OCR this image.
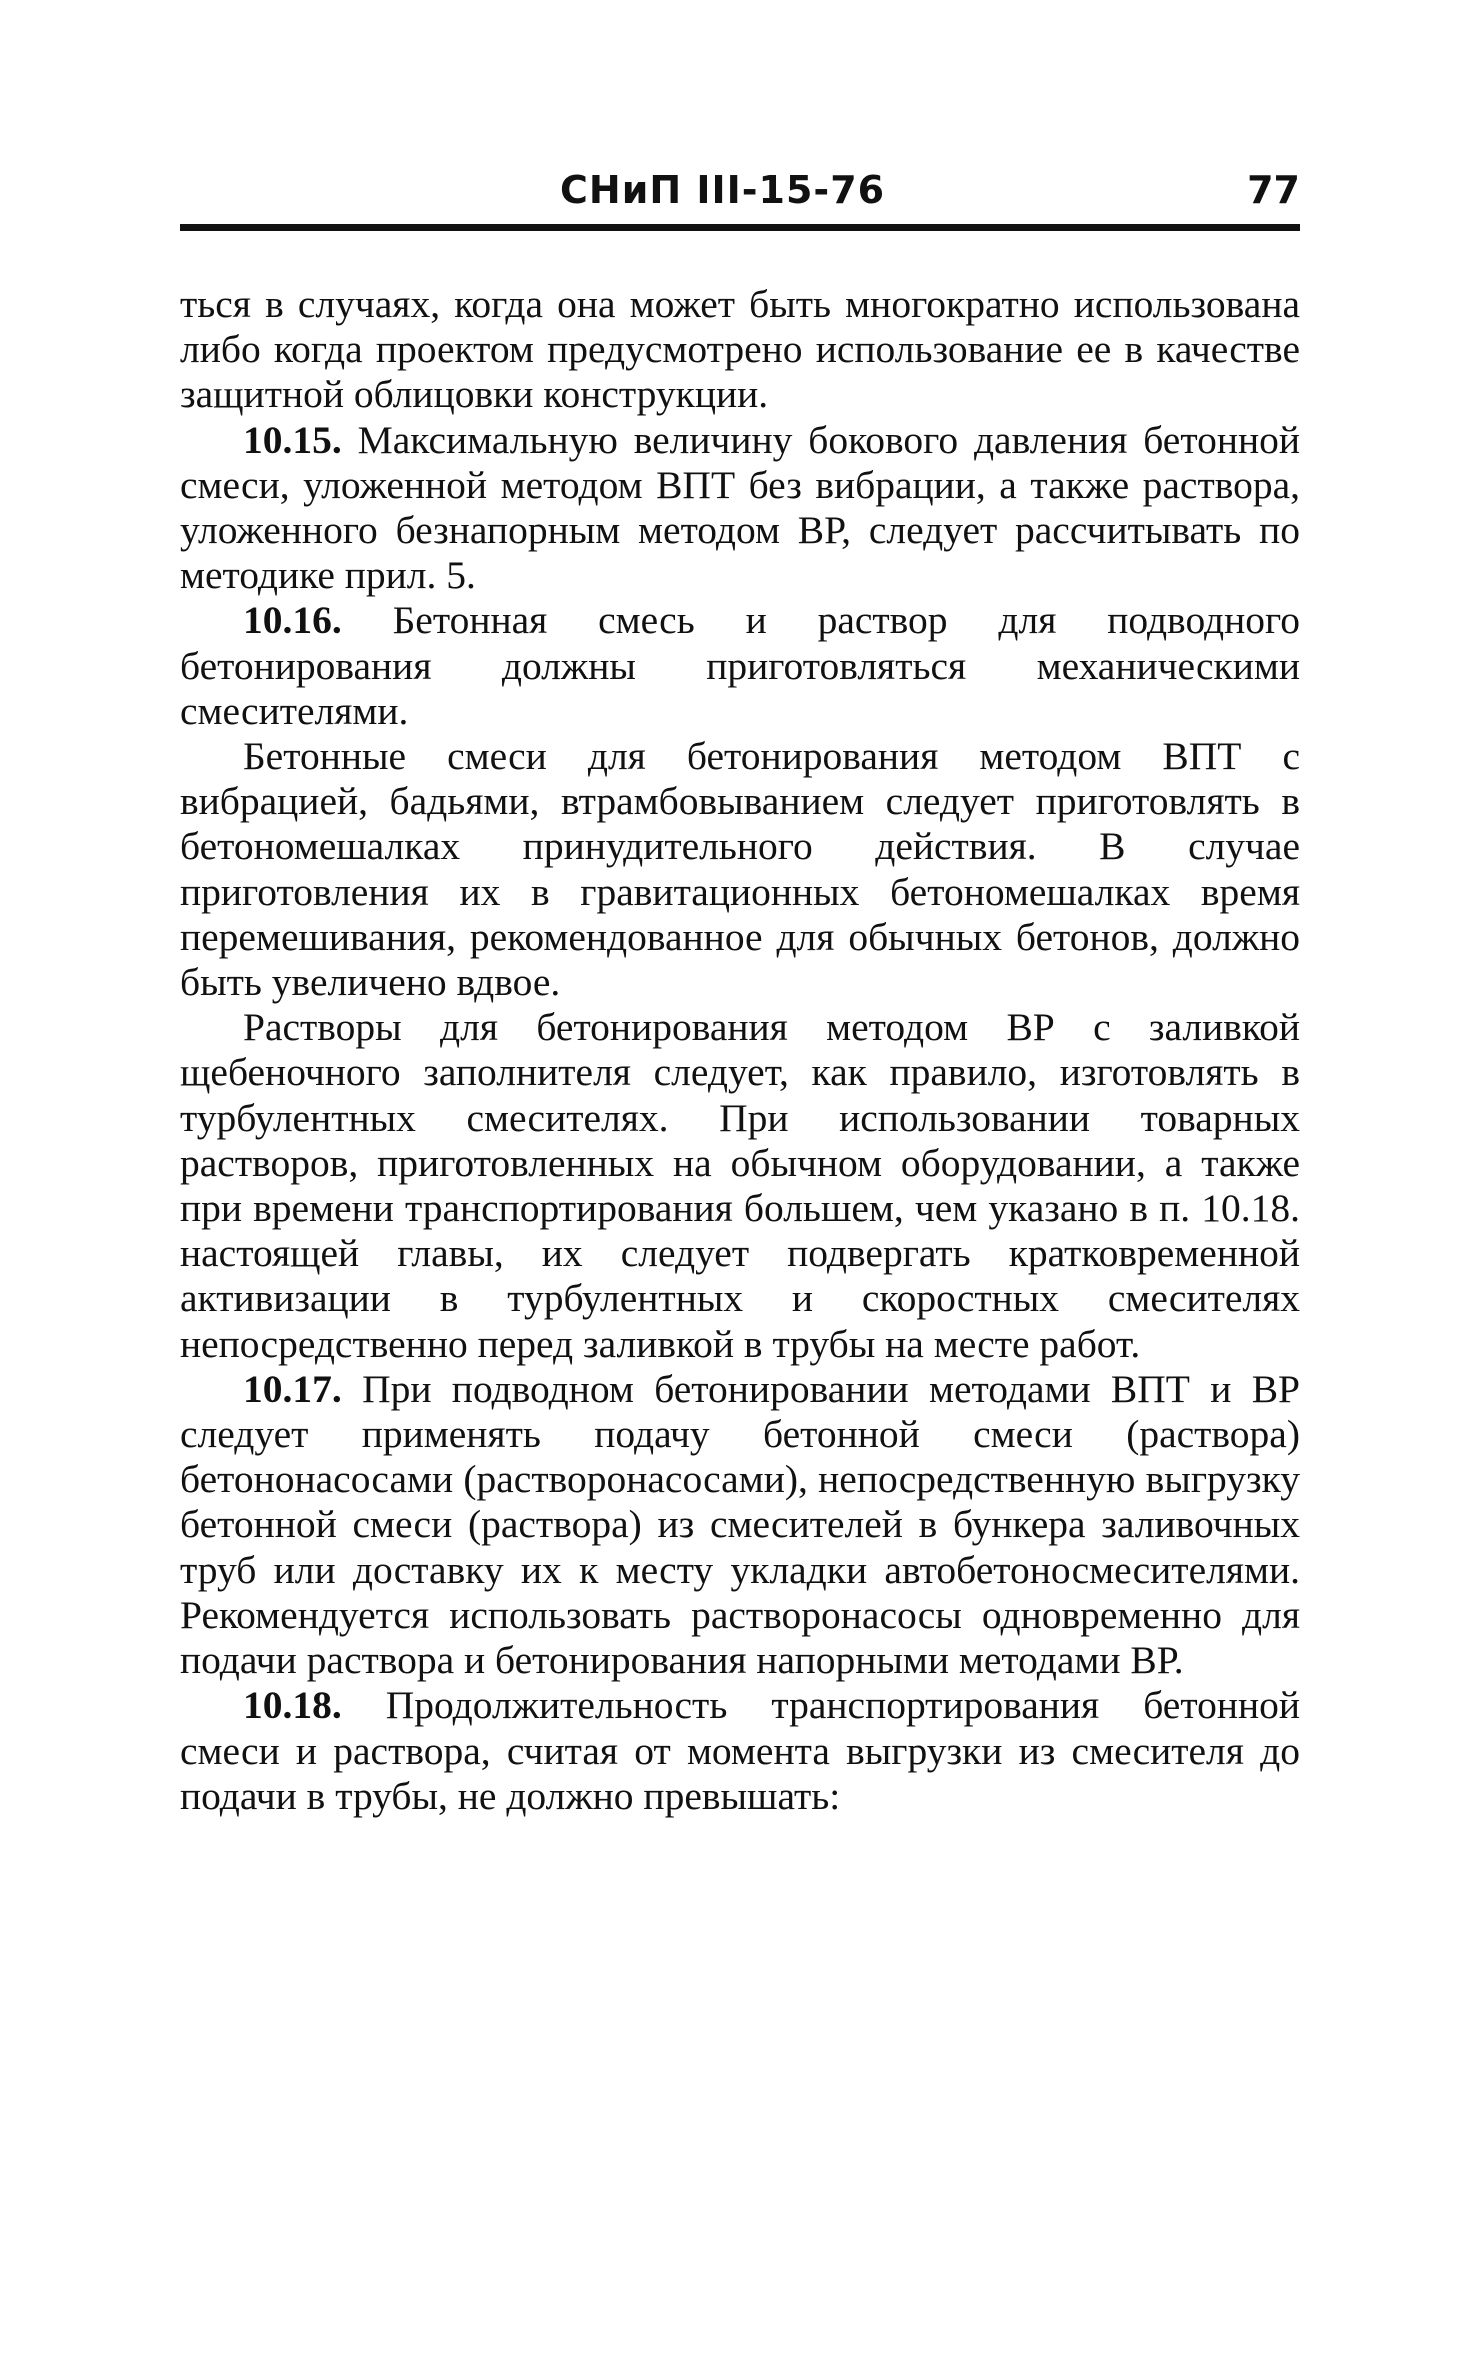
СНиП III-15-76	77

ться в случаях, когда она может быть многократно использована либо когда проектом предусмотрено использование ее в качестве защитной облицовки конструкции.

10.15. Максимальную величину бокового давления бетонной смеси, уложенной методом ВПТ без вибрации, а также раствора, уложенного безнапорным методом ВР, следует рассчитывать по методике прил. 5.

10.16. Бетонная смесь и раствор для подводного бетонирования должны приготовляться механическими смесителями.

Бетонные смеси для бетонирования методом ВПТ с вибрацией, бадьями, втрамбовыванием следует приготовлять в бетономешалках принудительного действия. В случае приготовления их в гравитационных бетономешалках время перемешивания, рекомендованное для обычных бетонов, должно быть увеличено вдвое.

Растворы для бетонирования методом ВР с заливкой щебеночного заполнителя следует, как правило, изготовлять в турбулентных смесителях. При использовании товарных растворов, приготовленных на обычном оборудовании, а также при времени транспортирования большем, чем указано в п. 10.18. настоящей главы, их следует подвергать кратковременной активизации в турбулентных и скоростных смесителях непосредственно перед заливкой в трубы на месте работ.

10.17. При подводном бетонировании методами ВПТ и ВР следует применять подачу бетонной смеси (раствора) бетононасосами (растворонасосами), непосредственную выгрузку бетонной смеси (раствора) из смесителей в бункера заливочных труб или доставку их к месту укладки автобетоносмесителями. Рекомендуется использовать растворонасосы одновременно для подачи раствора и бетонирования напорными методами ВР.

10.18. Продолжительность транспортирования бетонной смеси и раствора, считая от момента выгрузки из смесителя до подачи в трубы, не должно превышать:
